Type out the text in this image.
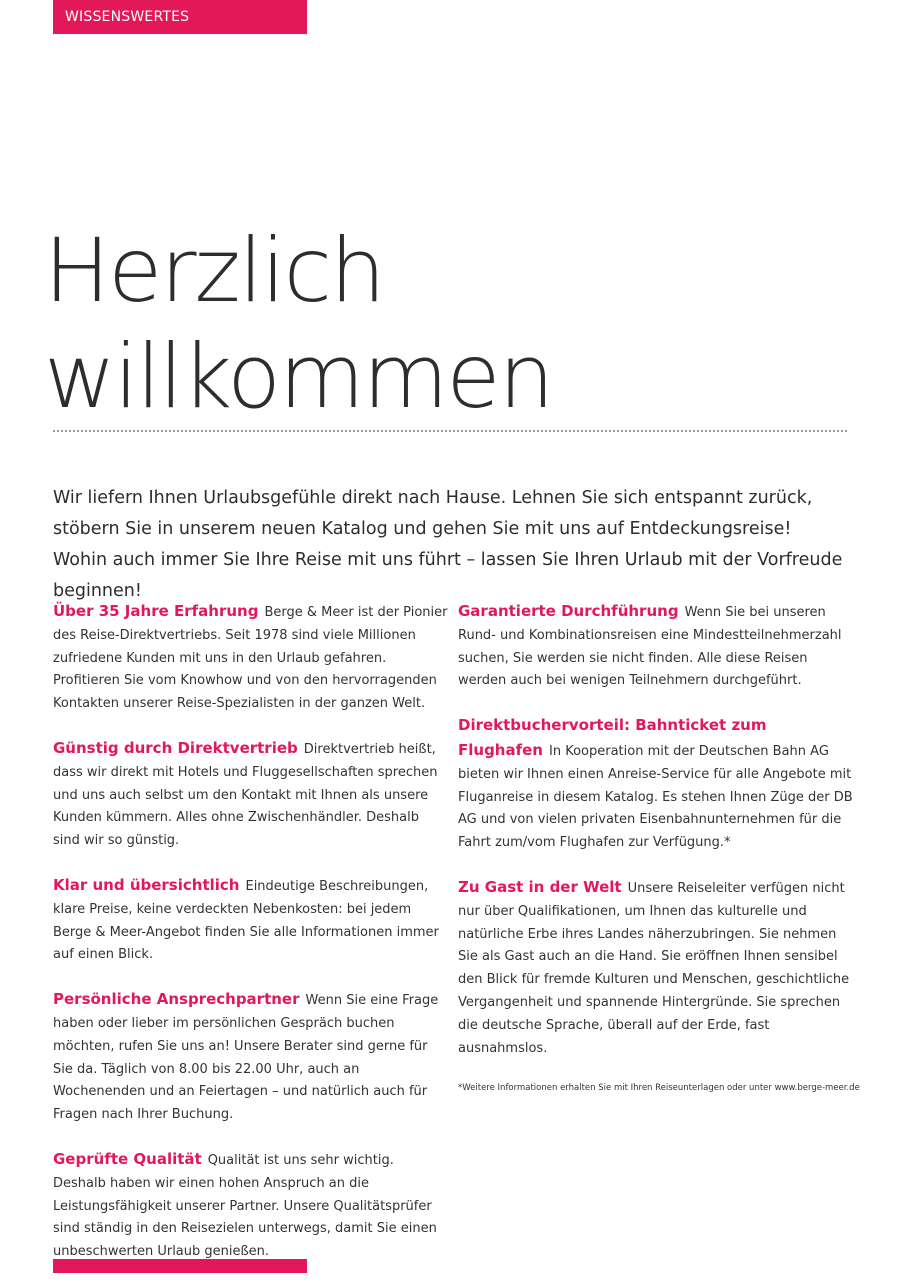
WISSENSWERTES
Herzlich
willkommen

Wir liefern Ihnen Urlaubsgefühle direkt nach Hause. Lehnen Sie sich entspannt zurück, stöbern Sie in unserem neuen Katalog und gehen Sie mit uns auf Entdeckungsreise! Wohin auch immer Sie Ihre Reise mit uns führt – lassen Sie Ihren Urlaub mit der Vorfreude beginnen!

Über 35 Jahre Erfahrung Berge & Meer ist der Pionier des Reise-Direktvertriebs. Seit 1978 sind viele Millionen zufriedene Kunden mit uns in den Urlaub gefahren. Profitieren Sie vom Knowhow und von den hervorragenden Kontakten unserer Reise-Spezialisten in der ganzen Welt.

Günstig durch Direktvertrieb Direktvertrieb heißt, dass wir direkt mit Hotels und Fluggesellschaften sprechen und uns auch selbst um den Kontakt mit Ihnen als unsere Kunden kümmern. Alles ohne Zwischenhändler. Deshalb sind wir so günstig.

Klar und übersichtlich Eindeutige Beschreibungen, klare Preise, keine verdeckten Nebenkosten: bei jedem Berge & Meer-Angebot finden Sie alle Informationen immer auf einen Blick.

Persönliche Ansprechpartner Wenn Sie eine Frage haben oder lieber im persönlichen Gespräch buchen möchten, rufen Sie uns an! Unsere Berater sind gerne für Sie da. Täglich von 8.00 bis 22.00 Uhr, auch an Wochenenden und an Feiertagen – und natürlich auch für Fragen nach Ihrer Buchung.

Geprüfte Qualität Qualität ist uns sehr wichtig. Deshalb haben wir einen hohen Anspruch an die Leistungsfähigkeit unserer Partner. Unsere Qualitätsprüfer sind ständig in den Reisezielen unterwegs, damit Sie einen unbeschwerten Urlaub genießen.

Garantierte Durchführung Wenn Sie bei unseren Rund- und Kombinationsreisen eine Mindestteilnehmerzahl suchen, Sie werden sie nicht finden. Alle diese Reisen werden auch bei wenigen Teilnehmern durchgeführt.

Direktbuchervorteil: Bahnticket zum Flughafen In Kooperation mit der Deutschen Bahn AG bieten wir Ihnen einen Anreise-Service für alle Angebote mit Fluganreise in diesem Katalog. Es stehen Ihnen Züge der DB AG und von vielen privaten Eisenbahnunternehmen für die Fahrt zum/vom Flughafen zur Verfügung.*

Zu Gast in der Welt Unsere Reiseleiter verfügen nicht nur über Qualifikationen, um Ihnen das kulturelle und natürliche Erbe ihres Landes näherzubringen. Sie nehmen Sie als Gast auch an die Hand. Sie eröffnen Ihnen sensibel den Blick für fremde Kulturen und Menschen, geschichtliche Vergangenheit und spannende Hintergründe. Sie sprechen die deutsche Sprache, überall auf der Erde, fast ausnahmslos.

*Weitere Informationen erhalten Sie mit Ihren Reiseunterlagen oder unter www.berge-meer.de
